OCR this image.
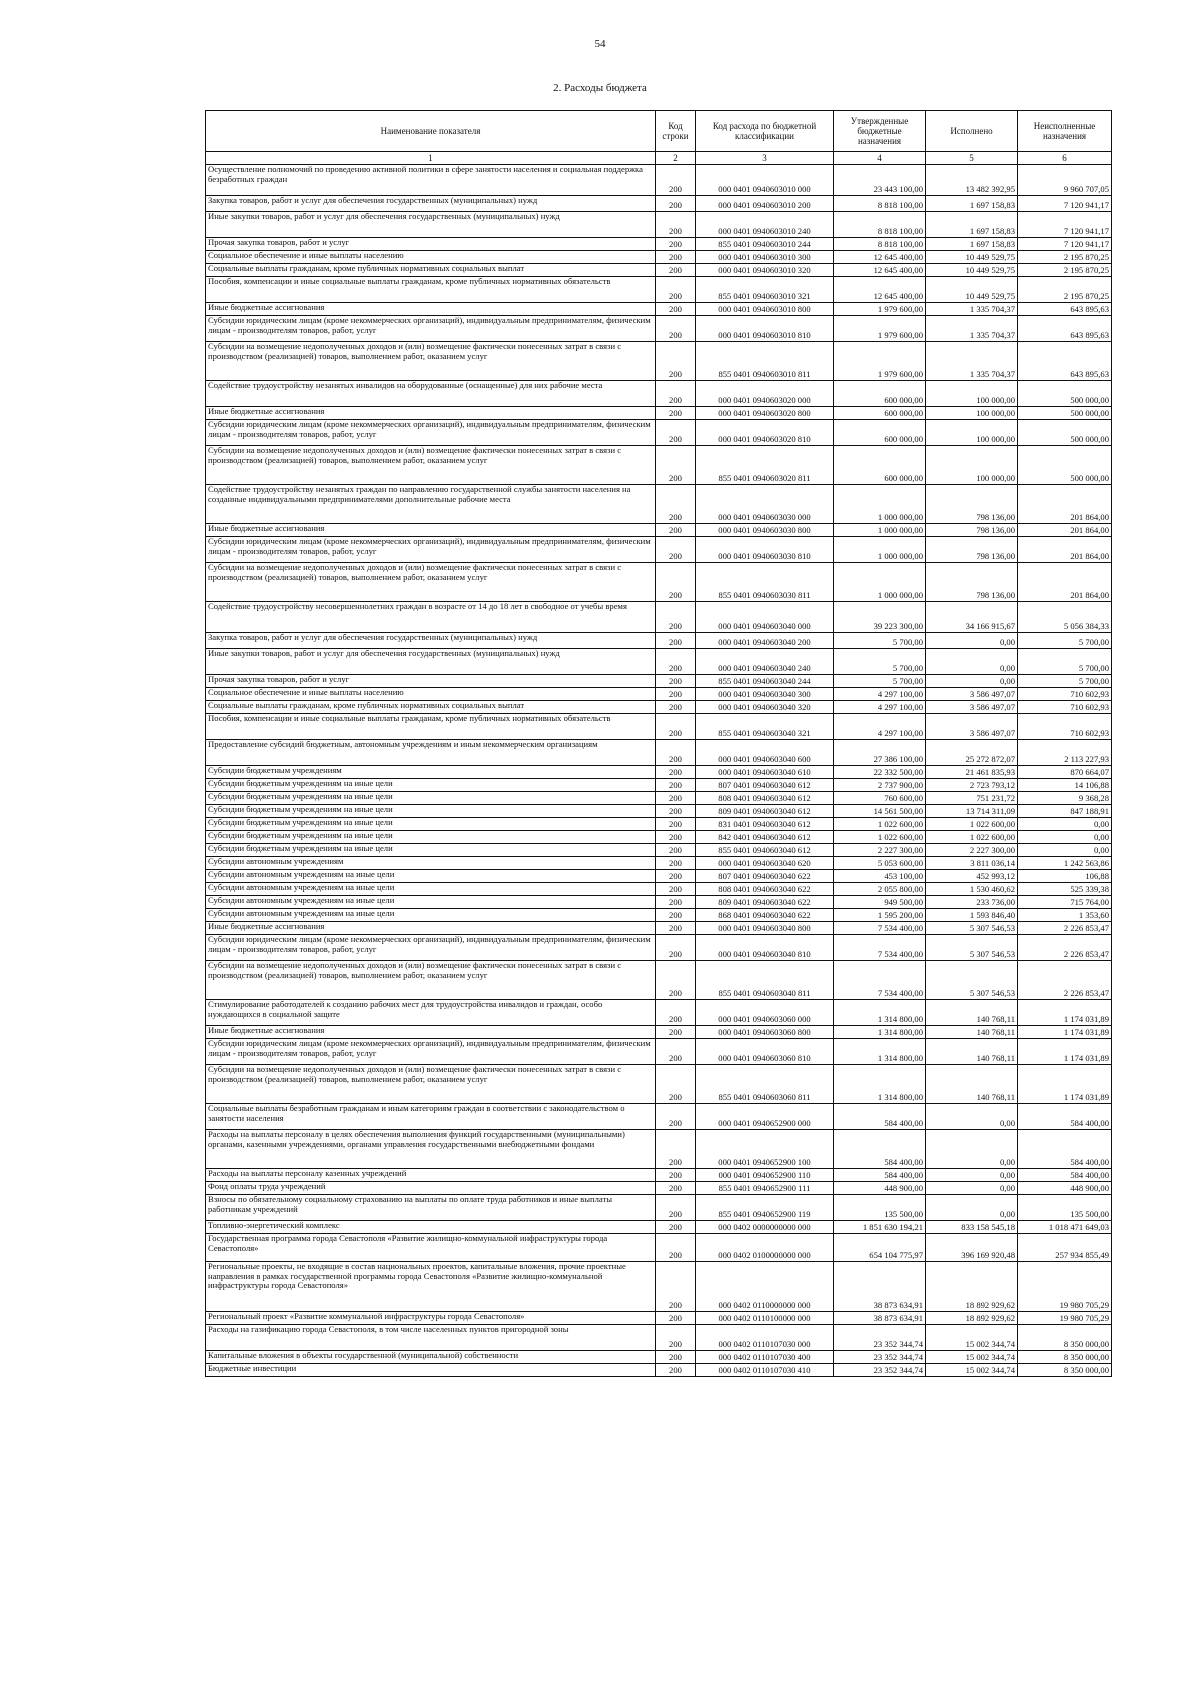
54
2. Расходы бюджета
Наименование показателя	Код строки	Код расхода по бюджетной классификации	Утвержденные бюджетные назначения	Исполнено	Неисполненные назначения
1	2	3	4	5	6
Осуществление полномочий по проведению активной политики в сфере занятости населения и социальная поддержка безработных граждан	200	000 0401 0940603010 000	23 443 100,00	13 482 392,95	9 960 707,05
Закупка товаров, работ и услуг для обеспечения государственных (муниципальных) нужд	200	000 0401 0940603010 200	8 818 100,00	1 697 158,83	7 120 941,17
Иные закупки товаров, работ и услуг для обеспечения государственных (муниципальных) нужд	200	000 0401 0940603010 240	8 818 100,00	1 697 158,83	7 120 941,17
Прочая закупка товаров, работ и услуг	200	855 0401 0940603010 244	8 818 100,00	1 697 158,83	7 120 941,17
Социальное обеспечение и иные выплаты населению	200	000 0401 0940603010 300	12 645 400,00	10 449 529,75	2 195 870,25
Социальные выплаты гражданам, кроме публичных нормативных социальных выплат	200	000 0401 0940603010 320	12 645 400,00	10 449 529,75	2 195 870,25
Пособия, компенсации и иные социальные выплаты гражданам, кроме публичных нормативных обязательств	200	855 0401 0940603010 321	12 645 400,00	10 449 529,75	2 195 870,25
Иные бюджетные ассигнования	200	000 0401 0940603010 800	1 979 600,00	1 335 704,37	643 895,63
Субсидии юридическим лицам (кроме некоммерческих организаций), индивидуальным предпринимателям, физическим лицам - производителям товаров, работ, услуг	200	000 0401 0940603010 810	1 979 600,00	1 335 704,37	643 895,63
Субсидии на возмещение недополученных доходов и (или) возмещение фактически понесенных затрат в связи с производством (реализацией) товаров, выполнением работ, оказанием услуг	200	855 0401 0940603010 811	1 979 600,00	1 335 704,37	643 895,63
Содействие трудоустройству незанятых инвалидов на оборудованные (оснащенные) для них рабочие места	200	000 0401 0940603020 000	600 000,00	100 000,00	500 000,00
Иные бюджетные ассигнования	200	000 0401 0940603020 800	600 000,00	100 000,00	500 000,00
Субсидии юридическим лицам (кроме некоммерческих организаций), индивидуальным предпринимателям, физическим лицам - производителям товаров, работ, услуг	200	000 0401 0940603020 810	600 000,00	100 000,00	500 000,00
Субсидии на возмещение недополученных доходов и (или) возмещение фактически понесенных затрат в связи с производством (реализацией) товаров, выполнением работ, оказанием услуг	200	855 0401 0940603020 811	600 000,00	100 000,00	500 000,00
Содействие трудоустройству незанятых граждан по направлению государственной службы занятости населения на созданные индивидуальными предпринимателями дополнительные рабочие места	200	000 0401 0940603030 000	1 000 000,00	798 136,00	201 864,00
Иные бюджетные ассигнования	200	000 0401 0940603030 800	1 000 000,00	798 136,00	201 864,00
Субсидии юридическим лицам (кроме некоммерческих организаций), индивидуальным предпринимателям, физическим лицам - производителям товаров, работ, услуг	200	000 0401 0940603030 810	1 000 000,00	798 136,00	201 864,00
Субсидии на возмещение недополученных доходов и (или) возмещение фактически понесенных затрат в связи с производством (реализацией) товаров, выполнением работ, оказанием услуг	200	855 0401 0940603030 811	1 000 000,00	798 136,00	201 864,00
Содействие трудоустройству несовершеннолетних граждан в возрасте от 14 до 18 лет в свободное от учебы время	200	000 0401 0940603040 000	39 223 300,00	34 166 915,67	5 056 384,33
Закупка товаров, работ и услуг для обеспечения государственных (муниципальных) нужд	200	000 0401 0940603040 200	5 700,00	0,00	5 700,00
Иные закупки товаров, работ и услуг для обеспечения государственных (муниципальных) нужд	200	000 0401 0940603040 240	5 700,00	0,00	5 700,00
Прочая закупка товаров, работ и услуг	200	855 0401 0940603040 244	5 700,00	0,00	5 700,00
Социальное обеспечение и иные выплаты населению	200	000 0401 0940603040 300	4 297 100,00	3 586 497,07	710 602,93
Социальные выплаты гражданам, кроме публичных нормативных социальных выплат	200	000 0401 0940603040 320	4 297 100,00	3 586 497,07	710 602,93
Пособия, компенсации и иные социальные выплаты гражданам, кроме публичных нормативных обязательств	200	855 0401 0940603040 321	4 297 100,00	3 586 497,07	710 602,93
Предоставление субсидий бюджетным, автономным учреждениям и иным некоммерческим организациям	200	000 0401 0940603040 600	27 386 100,00	25 272 872,07	2 113 227,93
Субсидии бюджетным учреждениям	200	000 0401 0940603040 610	22 332 500,00	21 461 835,93	870 664,07
Субсидии бюджетным учреждениям на иные цели	200	807 0401 0940603040 612	2 737 900,00	2 723 793,12	14 106,88
Субсидии бюджетным учреждениям на иные цели	200	808 0401 0940603040 612	760 600,00	751 231,72	9 368,28
Субсидии бюджетным учреждениям на иные цели	200	809 0401 0940603040 612	14 561 500,00	13 714 311,09	847 188,91
Субсидии бюджетным учреждениям на иные цели	200	831 0401 0940603040 612	1 022 600,00	1 022 600,00	0,00
Субсидии бюджетным учреждениям на иные цели	200	842 0401 0940603040 612	1 022 600,00	1 022 600,00	0,00
Субсидии бюджетным учреждениям на иные цели	200	855 0401 0940603040 612	2 227 300,00	2 227 300,00	0,00
Субсидии автономным учреждениям	200	000 0401 0940603040 620	5 053 600,00	3 811 036,14	1 242 563,86
Субсидии автономным учреждениям на иные цели	200	807 0401 0940603040 622	453 100,00	452 993,12	106,88
Субсидии автономным учреждениям на иные цели	200	808 0401 0940603040 622	2 055 800,00	1 530 460,62	525 339,38
Субсидии автономным учреждениям на иные цели	200	809 0401 0940603040 622	949 500,00	233 736,00	715 764,00
Субсидии автономным учреждениям на иные цели	200	868 0401 0940603040 622	1 595 200,00	1 593 846,40	1 353,60
Иные бюджетные ассигнования	200	000 0401 0940603040 800	7 534 400,00	5 307 546,53	2 226 853,47
Субсидии юридическим лицам (кроме некоммерческих организаций), индивидуальным предпринимателям, физическим лицам - производителям товаров, работ, услуг	200	000 0401 0940603040 810	7 534 400,00	5 307 546,53	2 226 853,47
Субсидии на возмещение недополученных доходов и (или) возмещение фактически понесенных затрат в связи с производством (реализацией) товаров, выполнением работ, оказанием услуг	200	855 0401 0940603040 811	7 534 400,00	5 307 546,53	2 226 853,47
Стимулирование работодателей к созданию рабочих мест для трудоустройства инвалидов и граждан, особо нуждающихся в социальной защите	200	000 0401 0940603060 000	1 314 800,00	140 768,11	1 174 031,89
Иные бюджетные ассигнования	200	000 0401 0940603060 800	1 314 800,00	140 768,11	1 174 031,89
Субсидии юридическим лицам (кроме некоммерческих организаций), индивидуальным предпринимателям, физическим лицам - производителям товаров, работ, услуг	200	000 0401 0940603060 810	1 314 800,00	140 768,11	1 174 031,89
Субсидии на возмещение недополученных доходов и (или) возмещение фактически понесенных затрат в связи с производством (реализацией) товаров, выполнением работ, оказанием услуг	200	855 0401 0940603060 811	1 314 800,00	140 768,11	1 174 031,89
Социальные выплаты безработным гражданам и иным категориям граждан в соответствии с законодательством о занятости населения	200	000 0401 0940652900 000	584 400,00	0,00	584 400,00
Расходы на выплаты персоналу в целях обеспечения выполнения функций государственными (муниципальными) органами, казенными учреждениями, органами управления государственными внебюджетными фондами	200	000 0401 0940652900 100	584 400,00	0,00	584 400,00
Расходы на выплаты персоналу казенных учреждений	200	000 0401 0940652900 110	584 400,00	0,00	584 400,00
Фонд оплаты труда учреждений	200	855 0401 0940652900 111	448 900,00	0,00	448 900,00
Взносы по обязательному социальному страхованию на выплаты по оплате труда работников и иные выплаты работникам учреждений	200	855 0401 0940652900 119	135 500,00	0,00	135 500,00
Топливно-энергетический комплекс	200	000 0402 0000000000 000	1 851 630 194,21	833 158 545,18	1 018 471 649,03
Государственная программа города Севастополя «Развитие жилищно-коммунальной инфраструктуры города Севастополя»	200	000 0402 0100000000 000	654 104 775,97	396 169 920,48	257 934 855,49
Региональные проекты, не входящие в состав национальных проектов, капитальные вложения, прочие проектные направления в рамках государственной программы города Севастополя «Развитие жилищно-коммунальной инфраструктуры города Севастополя»	200	000 0402 0110000000 000	38 873 634,91	18 892 929,62	19 980 705,29
Региональный проект «Развитие коммунальной инфраструктуры города Севастополя»	200	000 0402 0110100000 000	38 873 634,91	18 892 929,62	19 980 705,29
Расходы на газификацию города Севастополя, в том числе населенных пунктов пригородной зоны	200	000 0402 0110107030 000	23 352 344,74	15 002 344,74	8 350 000,00
Капитальные вложения в объекты государственной (муниципальной) собственности	200	000 0402 0110107030 400	23 352 344,74	15 002 344,74	8 350 000,00
Бюджетные инвестиции	200	000 0402 0110107030 410	23 352 344,74	15 002 344,74	8 350 000,00
